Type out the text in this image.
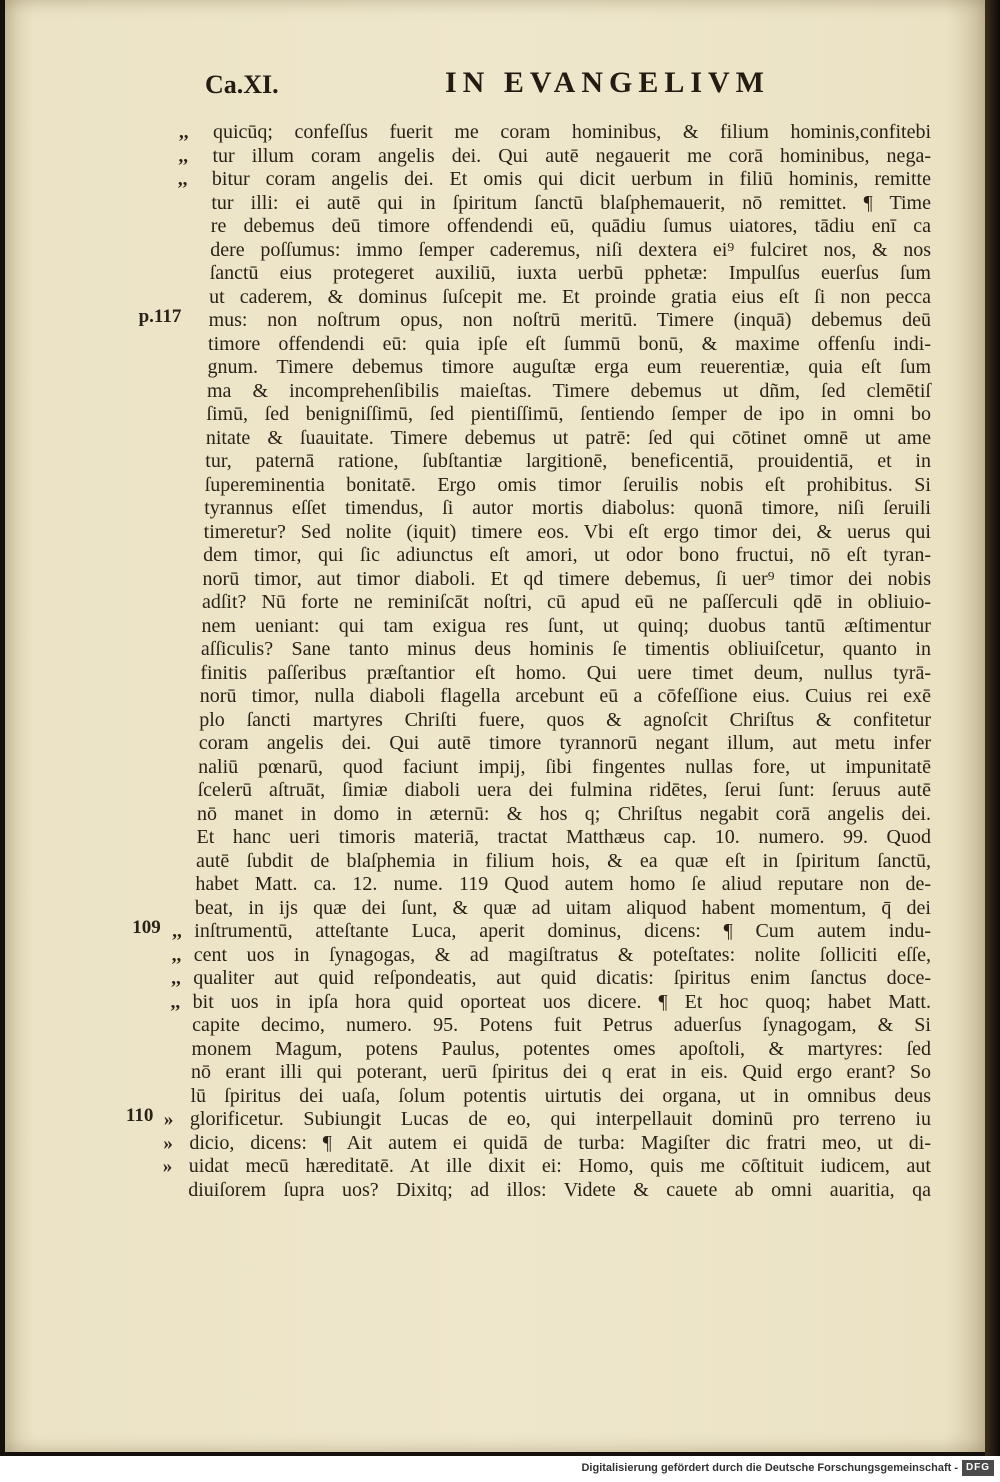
Ca.XI.	IN EVANGELIVM
,, quicūq; confeſſus fuerit me coram hominibus, & filium hominis,confitebi
,, tur illum coram angelis dei. Qui autē negauerit me corā hominibus, nega-
,, bitur coram angelis dei. Et omis qui dicit uerbum in filiū hominis, remitte
tur illi: ei autē qui in ſpiritum ſanctū blaſphemauerit, nō remittet. ¶ Time
re debemus deū timore offendendi eū, quādiu ſumus uiatores, tādiu enī ca
dere poſſumus: immo ſemper caderemus, niſi dextera ei⁹ fulciret nos, & nos
ſanctū eius protegeret auxiliū, iuxta uerbū pphetæ: Impulſus euerſus ſum
ut caderem, & dominus ſuſcepit me. Et proinde gratia eius eſt ſi non pecca
p.117 mus: non noſtrum opus, non noſtrū meritū. Timere (inquā) debemus deū
timore offendendi eū: quia ipſe eſt ſummū bonū, & maxime offenſu indi-
gnum. Timere debemus timore auguſtæ erga eum reuerentiæ, quia eſt ſum
ma & incomprehenſibilis maieſtas. Timere debemus ut dñm, ſed clemētiſ
ſimū, ſed benigniſſimū, ſed pientiſſimū, ſentiendo ſemper de ipo in omni bo
nitate & ſuauitate. Timere debemus ut patrē: ſed qui cōtinet omnē ut ame
tur, paternā ratione, ſubſtantiæ largitionē, beneficentiā, prouidentiā, et in
ſupereminentia bonitatē. Ergo omis timor ſeruilis nobis eſt prohibitus. Si
tyrannus eſſet timendus, ſi autor mortis diabolus: quonā timore, niſi ſeruili
timeretur? Sed nolite (iquit) timere eos. Vbi eſt ergo timor dei, & uerus qui
dem timor, qui ſic adiunctus eſt amori, ut odor bono fructui, nō eſt tyran-
norū timor, aut timor diaboli. Et qd timere debemus, ſi uer⁹ timor dei nobis
adſit? Nū forte ne reminiſcāt noſtri, cū apud eū ne paſſerculi qdē in obliuio-
nem ueniant: qui tam exigua res ſunt, ut quinq; duobus tantū æſtimentur
aſſiculis? Sane tanto minus deus hominis ſe timentis obliuiſcetur, quanto in
finitis paſſeribus præſtantior eſt homo. Qui uere timet deum, nullus tyrā-
norū timor, nulla diaboli flagella arcebunt eū a cōfeſſione eius. Cuius rei exē
plo ſancti martyres Chriſti fuere, quos & agnoſcit Chriſtus & confitetur
coram angelis dei. Qui autē timore tyrannorū negant illum, aut metu infer
naliū pœnarū, quod faciunt impij, ſibi fingentes nullas fore, ut impunitatē
ſcelerū aſtruāt, ſimiæ diaboli uera dei fulmina ridētes, ſerui ſunt: ſeruus autē
nō manet in domo in æternū: & hos q; Chriſtus negabit corā angelis dei.
Et hanc ueri timoris materiā, tractat Matthæus cap. 10. numero. 99. Quod
autē ſubdit de blaſphemia in filium hois, & ea quæ eſt in ſpiritum ſanctū,
habet Matt. ca. 12. nume. 119 Quod autem homo ſe aliud reputare non de-
beat, in ijs quæ dei ſunt, & quæ ad uitam aliquod habent momentum, q̄ dei
109 ,, inſtrumentū, atteſtante Luca, aperit dominus, dicens: ¶ Cum autem indu-
,, cent uos in ſynagogas, & ad magiſtratus & poteſtates: nolite ſolliciti eſſe,
,, qualiter aut quid reſpondeatis, aut quid dicatis: ſpiritus enim ſanctus doce-
,, bit uos in ipſa hora quid oporteat uos dicere. ¶ Et hoc quoq; habet Matt.
capite decimo, numero. 95. Potens fuit Petrus aduerſus ſynagogam, & Si
monem Magum, potens Paulus, potentes omes apoſtoli, & martyres: ſed
nō erant illi qui poterant, uerū ſpiritus dei q erat in eis. Quid ergo erant? So
lū ſpiritus dei uaſa, ſolum potentis uirtutis dei organa, ut in omnibus deus
110 » glorificetur. Subiungit Lucas de eo, qui interpellauit dominū pro terreno iu
» dicio, dicens: ¶ Ait autem ei quidā de turba: Magiſter dic fratri meo, ut di-
» uidat mecū hæreditatē. At ille dixit ei: Homo, quis me cōſtituit iudicem, aut
diuiſorem ſupra uos? Dixitq; ad illos: Videte & cauete ab omni auaritia, qa
Digitalisierung gefördert durch die Deutsche Forschungsgemeinschaft - DFG
